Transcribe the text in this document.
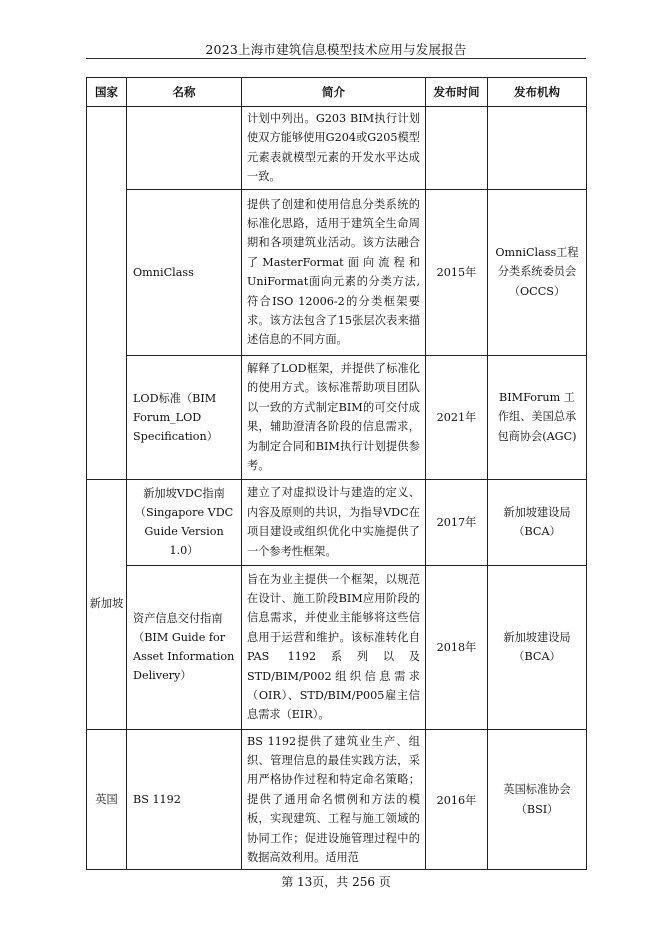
2023上海市建筑信息模型技术应用与发展报告
国家	名称	简介	发布时间	发布机构
		计划中列出。G203 BIM执行计划使双方能够使用G204或G205模型元素表就模型元素的开发水平达成一致。		
	OmniClass	提供了创建和使用信息分类系统的标准化思路，适用于建筑全生命周期和各项建筑业活动。该方法融合了MasterFormat面向流程和UniFormat面向元素的分类方法,符合ISO 12006-2的分类框架要求。该方法包含了15张层次表来描述信息的不同方面。	2015年	OmniClass工程分类系统委员会（OCCS）
	LOD标准（BIM Forum_LOD Specification）	解释了LOD框架，并提供了标准化的使用方式。该标准帮助项目团队以一致的方式制定BIM的可交付成果，辅助澄清各阶段的信息需求，为制定合同和BIM执行计划提供参考。	2021年	BIMForum 工作组、美国总承包商协会(AGC)
新加坡	新加坡VDC指南（Singapore VDC Guide Version 1.0）	建立了对虚拟设计与建造的定义、内容及原则的共识，为指导VDC在项目建设或组织优化中实施提供了一个参考性框架。	2017年	新加坡建设局（BCA）
	资产信息交付指南（BIM Guide for Asset Information Delivery）	旨在为业主提供一个框架，以规范在设计、施工阶段BIM应用阶段的信息需求，并使业主能够将这些信息用于运营和维护。该标准转化自PAS 1192系列以及STD/BIM/P002组织信息需求（OIR）、STD/BIM/P005雇主信息需求（EIR）。	2018年	新加坡建设局（BCA）
英国	BS 1192	BS 1192提供了建筑业生产、组织、管理信息的最佳实践方法，采用严格协作过程和特定命名策略；提供了通用命名惯例和方法的模板，实现建筑、工程与施工领域的协同工作；促进设施管理过程中的数据高效利用。适用范	2016年	英国标准协会（BSI）
第 13页，共 256 页
